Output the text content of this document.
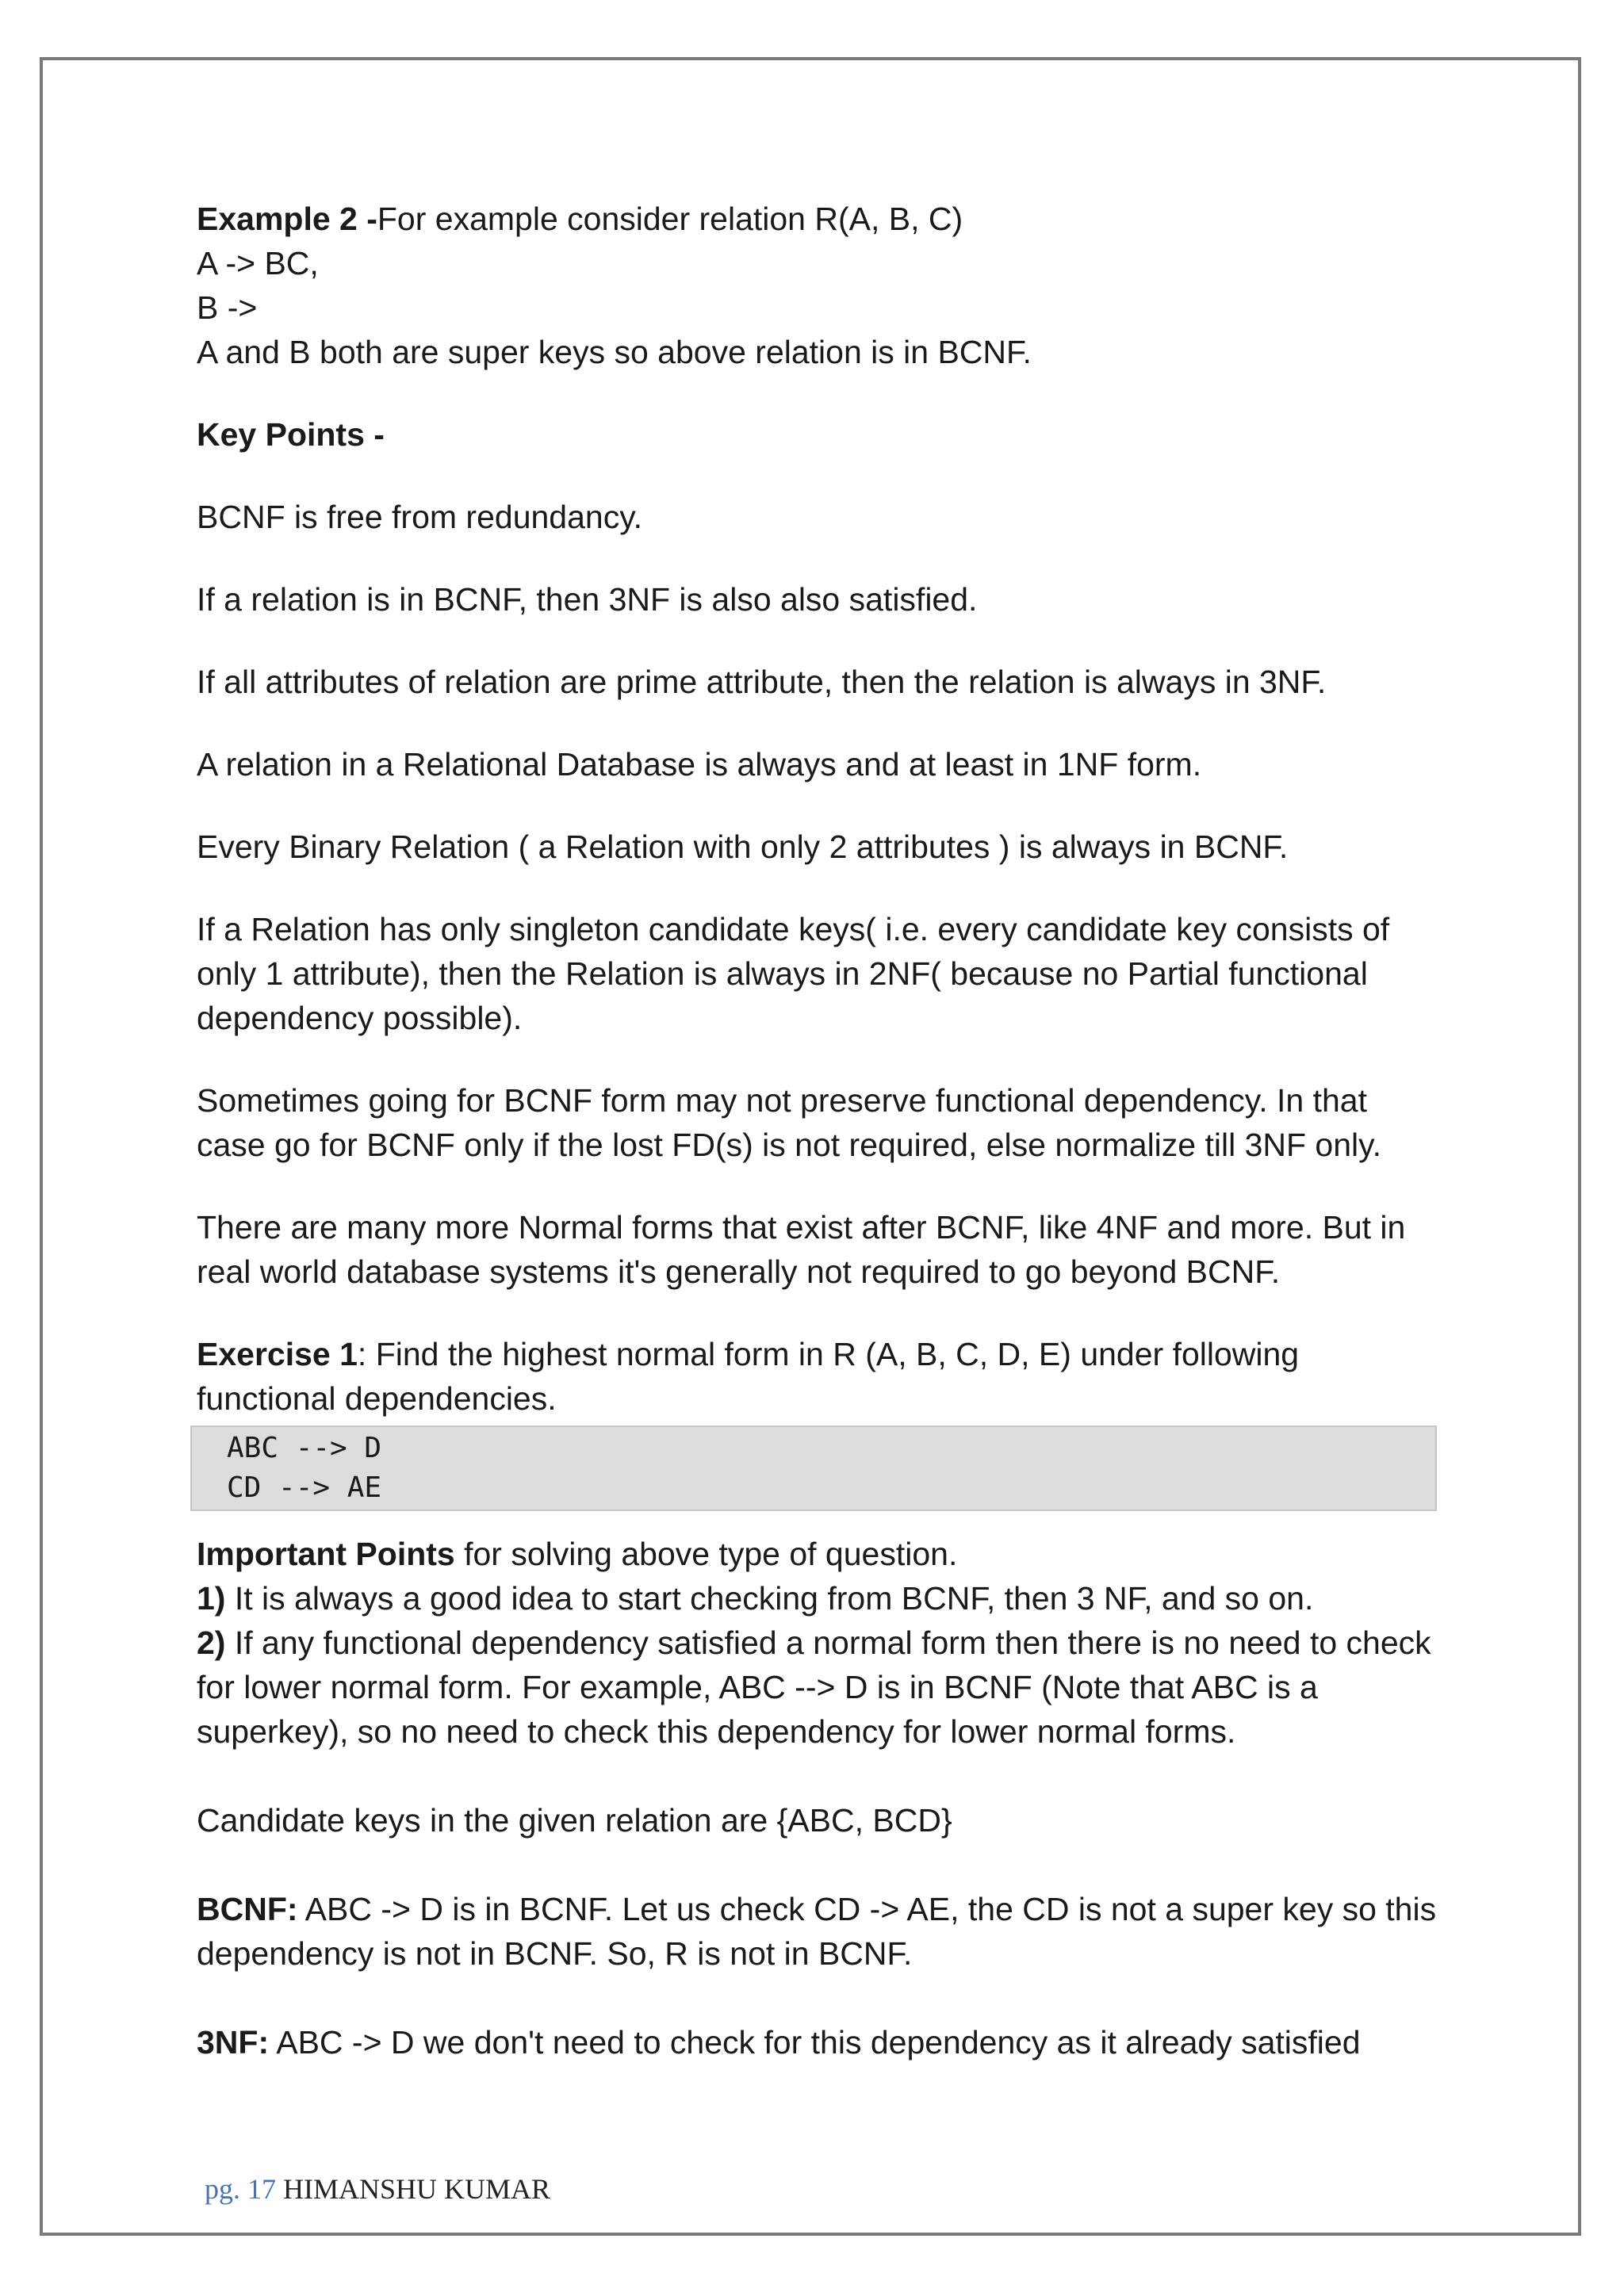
Example 2 -For example consider relation R(A, B, C)

A -> BC,

B ->

A and B both are super keys so above relation is in BCNF.

Key Points -

BCNF is free from redundancy.

If a relation is in BCNF, then 3NF is also also satisfied.

If all attributes of relation are prime attribute, then the relation is always in 3NF.

A relation in a Relational Database is always and at least in 1NF form.

Every Binary Relation ( a Relation with only 2 attributes ) is always in BCNF.

If a Relation has only singleton candidate keys( i.e. every candidate key consists of only 1 attribute), then the Relation is always in 2NF( because no Partial functional dependency possible).

Sometimes going for BCNF form may not preserve functional dependency. In that case go for BCNF only if the lost FD(s) is not required, else normalize till 3NF only.

There are many more Normal forms that exist after BCNF, like 4NF and more. But in real world database systems it's generally not required to go beyond BCNF.

Exercise 1: Find the highest normal form in R (A, B, C, D, E) under following functional dependencies.

ABC --> D
CD --> AE

Important Points for solving above type of question.

1) It is always a good idea to start checking from BCNF, then 3 NF, and so on.

2) If any functional dependency satisfied a normal form then there is no need to check for lower normal form. For example, ABC --> D is in BCNF (Note that ABC is a superkey), so no need to check this dependency for lower normal forms.

Candidate keys in the given relation are {ABC, BCD}

BCNF: ABC -> D is in BCNF. Let us check CD -> AE, the CD is not a super key so this dependency is not in BCNF. So, R is not in BCNF.

3NF: ABC -> D we don't need to check for this dependency as it already satisfied

pg. 17 HIMANSHU KUMAR
